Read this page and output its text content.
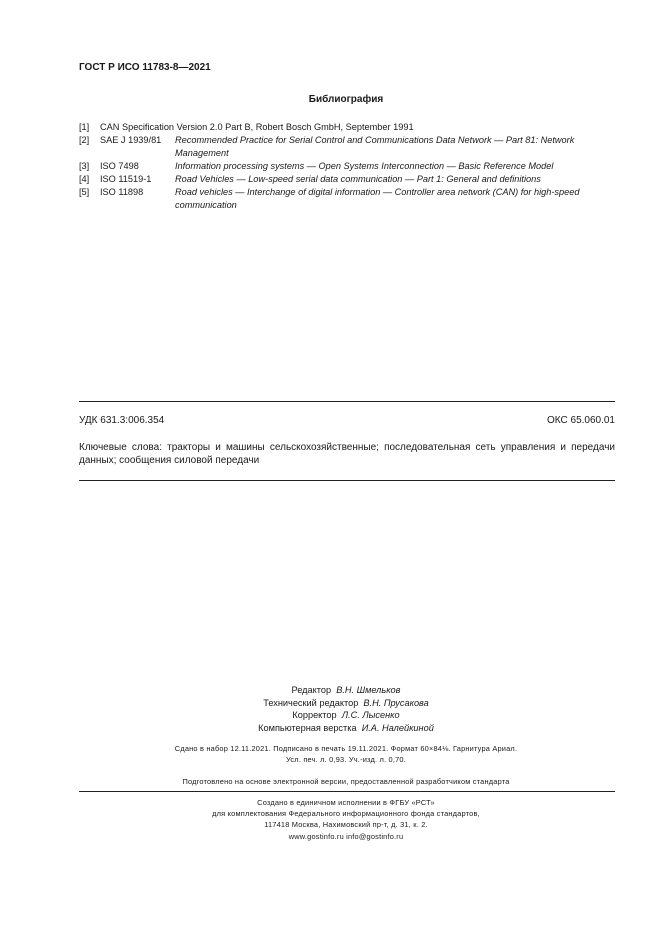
ГОСТ Р ИСО 11783-8—2021
Библиография
[1]	CAN Specification Version 2.0 Part B, Robert Bosch GmbH, September 1991
[2]	SAE J 1939/81	Recommended Practice for Serial Control and Communications Data Network — Part 81: Network Management
[3]	ISO 7498	Information processing systems — Open Systems Interconnection — Basic Reference Model
[4]	ISO 11519-1	Road Vehicles — Low-speed serial data communication — Part 1: General and definitions
[5]	ISO 11898	Road vehicles — Interchange of digital information — Controller area network (CAN) for high-speed communication
УДК 631.3:006.354	ОКС 65.060.01
Ключевые слова: тракторы и машины сельскохозяйственные; последовательная сеть управления и передачи данных; сообщения силовой передачи
Редактор В.Н. Шмельков
Технический редактор В.Н. Прусакова
Корректор Л.С. Лысенко
Компьютерная верстка И.А. Налейкиной
Сдано в набор 12.11.2021. Подписано в печать 19.11.2021. Формат 60×84⅛. Гарнитура Ариал.
Усл. печ. л. 0,93. Уч.-изд. л. 0,70.
Подготовлено на основе электронной версии, предоставленной разработчиком стандарта
Создано в единичном исполнении в ФГБУ «РСТ»
для комплектования Федерального информационного фонда стандартов,
117418 Москва, Нахимовский пр-т, д. 31, к. 2.
www.gostinfo.ru info@gostinfo.ru
